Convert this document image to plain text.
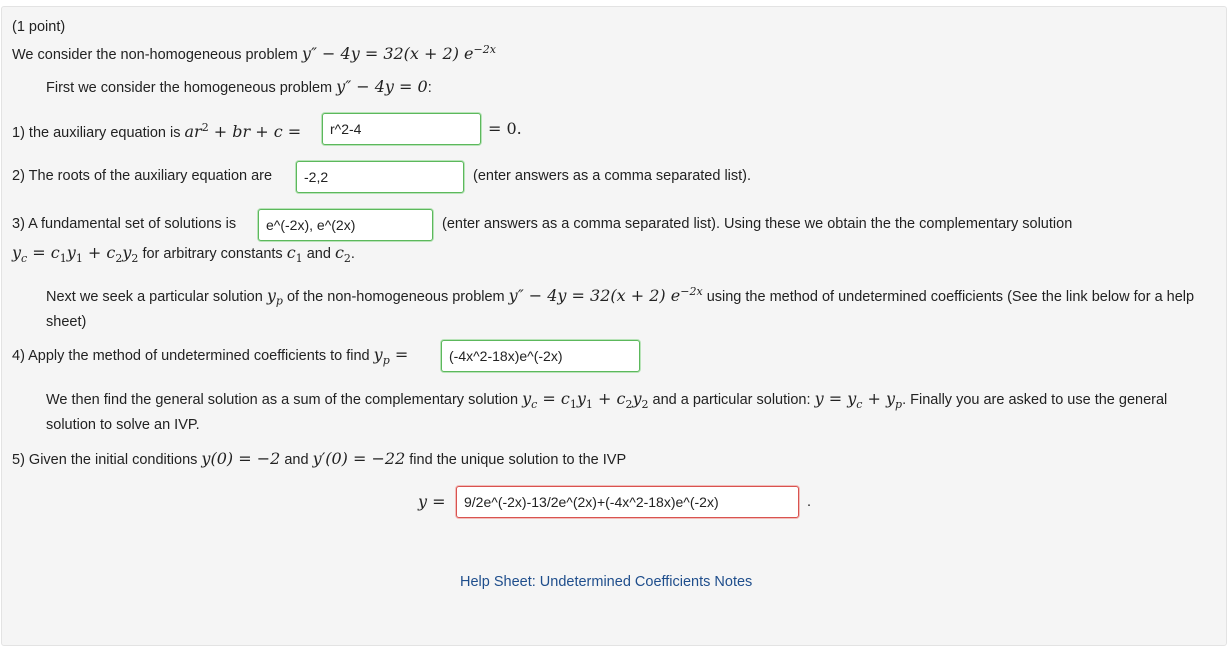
(1 point)
We consider the non-homogeneous problem y″ − 4y = 32(x + 2) $e^{-2x}$
First we consider the homogeneous problem y″ − 4y = 0:
1) the auxiliary equation is $ar^2$ + br + c =
r^2-4	= 0.
2) The roots of the auxiliary equation are
-2,2	(enter answers as a comma separated list).
3) A fundamental set of solutions is
e^(-2x), e^(2x)	(enter answers as a comma separated list). Using these we obtain the the complementary solution
$y_c = c_1y_1 + c_2y_2$ for arbitrary constants $c_1$ and $c_2$.
Next we seek a particular solution $y_p$ of the non-homogeneous problem y″ − 4y = 32(x + 2) $e^{-2x}$ using the method of undetermined coefficients (See the link below for a help sheet)
4) Apply the method of undetermined coefficients to find $y_p$ =
(-4x^2-18x)e^(-2x)
We then find the general solution as a sum of the complementary solution $y_c = c_1y_1 + c_2y_2$ and a particular solution: $y = y_c + y_p$. Finally you are asked to use the general solution to solve an IVP.
5) Given the initial conditions y(0) = −2 and y′(0) = −22 find the unique solution to the IVP
y =
9/2e^(-2x)-13/2e^(2x)+(-4x^2-18x)e^(-2x)	.
Help Sheet: Undetermined Coefficients Notes
